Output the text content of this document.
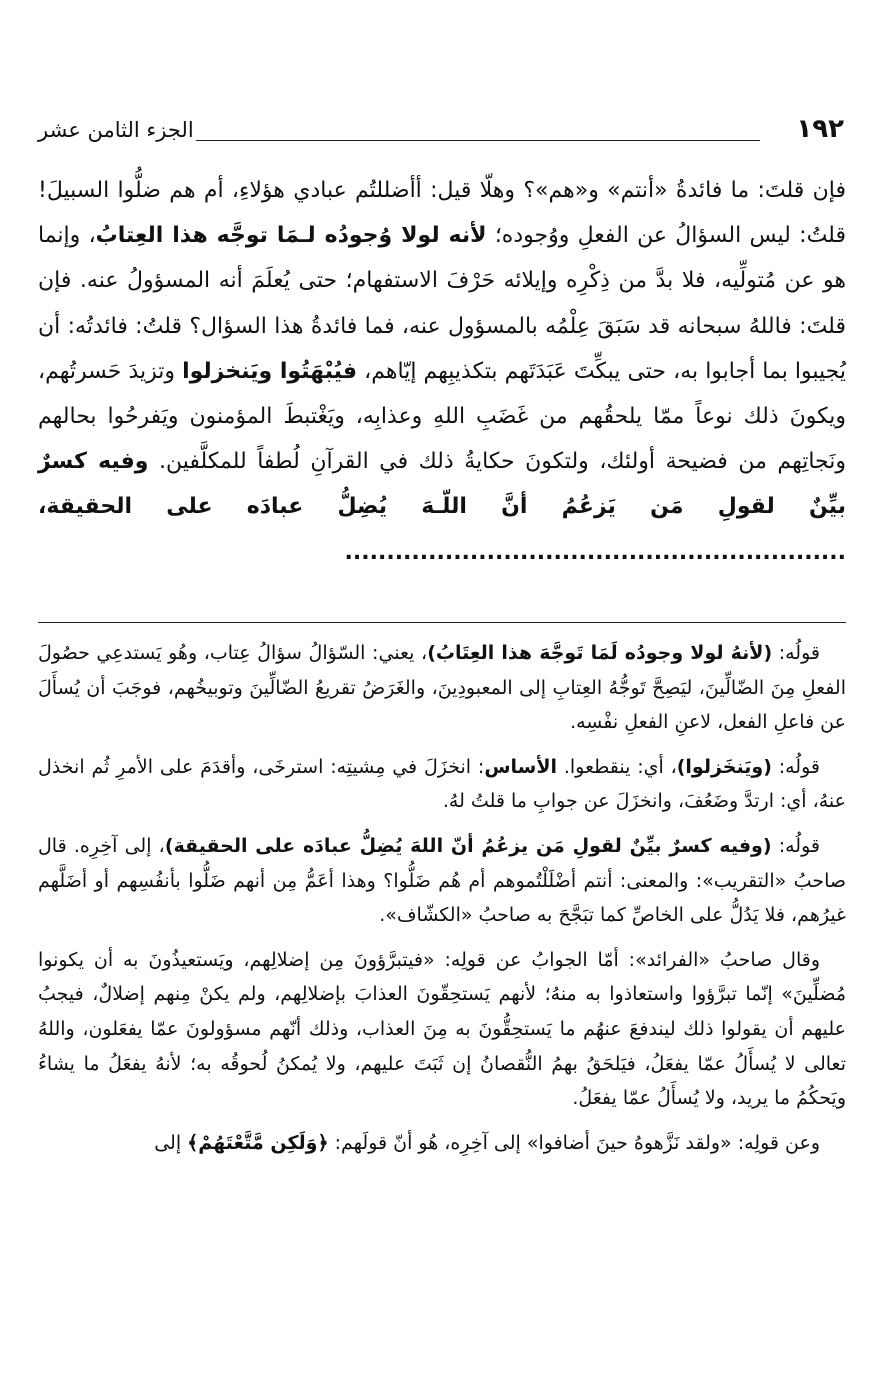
١٩٢
الجزء الثامن عشر

فإن قلتَ: ما فائدةُ «أنتم» و«هم»؟ وهلّا قيل: أأضللتُم عبادي هؤلاءِ، أم هم ضلُّوا السبيلَ! قلتُ: ليس السؤالُ عن الفعلِ ووُجوده؛ لأنه لولا وُجودُه لـمَا توجَّه هذا العِتابُ، وإنما هو عن مُتولِّيه، فلا بدَّ من ذِكْرِه وإيلائه حَرْفَ الاستفهام؛ حتى يُعلَمَ أنه المسؤولُ عنه. فإن قلتَ: فاللهُ سبحانه قد سَبَقَ عِلْمُه بالمسؤول عنه، فما فائدةُ هذا السؤال؟ قلتُ: فائدتُه: أن يُجيبوا بما أجابوا به، حتى يبكِّتَ عَبَدَتَهم بتكذيبِهم إيّاهم، فيُبْهَتُوا ويَنخزلوا وتزيدَ حَسرتُهم، ويكونَ ذلك نوعاً ممّا يلحقُهم من غَضَبِ اللهِ وعذابِه، ويَغْتبطَ المؤمنون ويَفرحُوا بحالهم ونَجاتِهم من فضيحة أولئك، ولتكونَ حكايةُ ذلك في القرآنِ لُطفاً للمكلَّفين. وفيه كسرٌ بيِّنٌ لقولِ مَن يَزعُمُ أنَّ اللّـهَ يُضِلُّ عبادَه على الحقيقة، ............................................................

قولُه: (لأنهُ لولا وجودُه لَمَا تَوجَّهَ هذا العِتَابُ)، يعني: السّؤالُ سؤالُ عِتاب، وهُو يَستدعِي حصُولَ الفعلِ مِنَ الضّالِّينَ، ليَصِحَّ تَوجُّهُ العِتابِ إلى المعبودِينَ، والغَرَضُ تقريعُ الضّالِّينَ وتوبيخُهم، فوجَبَ أن يُسأَلَ عن فاعلِ الفعل، لاعنِ الفعلِ نفْسِه.

قولُه: (ويَنخَزلوا)، أي: ينقطعوا. الأساس: انخزَلَ في مِشيتِه: استرخَى، وأقدَمَ على الأمرِ ثُم انخذل عنهُ، أي: ارتدَّ وضَعُفَ، وانخزَلَ عن جوابِ ما قلتُ لهُ.

قولُه: (وفيه كسرٌ بيِّنٌ لقولِ مَن يزعُمُ أنّ اللهَ يُضِلُّ عبادَه على الحقيقة)، إلى آخِرِه. قال صاحبُ «التقريب»: والمعنى: أنتم أضْلَلْتُموهم أم هُم ضَلُّوا؟ وهذا أعَمُّ مِن أنهم ضَلُّوا بأنفُسِهم أو أضَلَّهم غيرُهم، فلا يَدُلُّ على الخاصِّ كما تبَجَّحَ به صاحبُ «الكشّاف».

وقال صاحبُ «الفرائد»: أمّا الجوابُ عن قولِه: «فيتبرَّؤونَ مِن إضلالِهم، ويَستعيذُونَ به أن يكونوا مُضلِّينَ» إنّما تبرَّؤوا واستعاذوا به منهُ؛ لأنهم يَستحِقّونَ العذابَ بإضلالِهم، ولم يكنْ مِنهم إضلالٌ، فيجبُ عليهم أن يقولوا ذلك ليندفعَ عنهُم ما يَستحِقُّونَ به مِنَ العذاب، وذلك أنّهم مسؤولونَ عمّا يفعَلون، واللهُ تعالى لا يُسأَلُ عمّا يفعَلُ، فيَلحَقُ بهمُ النُّقصانُ إن ثَبَتَ عليهم، ولا يُمكنُ لُحوقُه به؛ لأنهُ يفعَلُ ما يشاءُ ويَحكُمُ ما يريد، ولا يُسأَلُ عمّا يفعَلُ.

وعن قولِه: «ولقد نَزَّهوهُ حينَ أضافوا» إلى آخِرِه، هُو أنّ قولَهم: ﴿وَلَكِن مَّتَّعْتَهُمْ﴾ إلى
